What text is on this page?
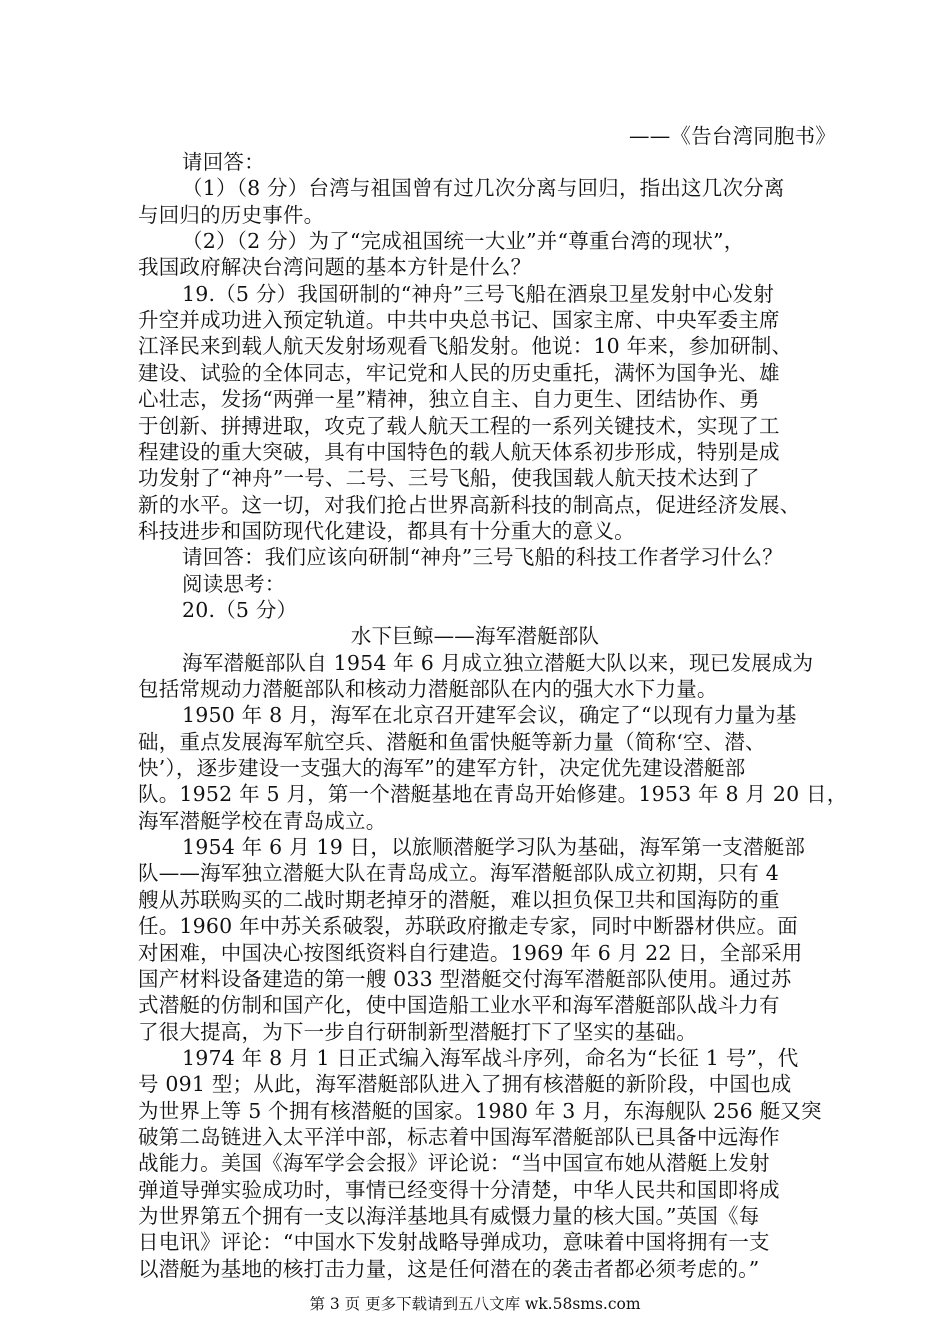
——《告台湾同胞书》
请回答：
（1）（8 分）台湾与祖国曾有过几次分离与回归，指出这几次分离
与回归的历史事件。
（2）（2 分）为了“完成祖国统一大业”并“尊重台湾的现状”，
我国政府解决台湾问题的基本方针是什么？
19.（5 分）我国研制的“神舟”三号飞船在酒泉卫星发射中心发射
升空并成功进入预定轨道。中共中央总书记、国家主席、中央军委主席
江泽民来到载人航天发射场观看飞船发射。他说：10 年来，参加研制、
建设、试验的全体同志，牢记党和人民的历史重托，满怀为国争光、雄
心壮志，发扬“两弹一星”精神，独立自主、自力更生、团结协作、勇
于创新、拼搏进取，攻克了载人航天工程的一系列关键技术，实现了工
程建设的重大突破，具有中国特色的载人航天体系初步形成，特别是成
功发射了“神舟”一号、二号、三号飞船，使我国载人航天技术达到了
新的水平。这一切，对我们抢占世界高新科技的制高点，促进经济发展、
科技进步和国防现代化建设，都具有十分重大的意义。
请回答：我们应该向研制“神舟”三号飞船的科技工作者学习什么？
阅读思考：
20.（5 分）
水下巨鲸——海军潜艇部队
海军潜艇部队自 1954 年 6 月成立独立潜艇大队以来，现已发展成为
包括常规动力潜艇部队和核动力潜艇部队在内的强大水下力量。
1950 年 8 月，海军在北京召开建军会议，确定了“以现有力量为基
础，重点发展海军航空兵、潜艇和鱼雷快艇等新力量（简称‘空、潜、
快’），逐步建设一支强大的海军”的建军方针，决定优先建设潜艇部
队。1952 年 5 月，第一个潜艇基地在青岛开始修建。1953 年 8 月 20 日，
海军潜艇学校在青岛成立。
1954 年 6 月 19 日，以旅顺潜艇学习队为基础，海军第一支潜艇部
队——海军独立潜艇大队在青岛成立。海军潜艇部队成立初期，只有 4
艘从苏联购买的二战时期老掉牙的潜艇，难以担负保卫共和国海防的重
任。1960 年中苏关系破裂，苏联政府撤走专家，同时中断器材供应。面
对困难，中国决心按图纸资料自行建造。1969 年 6 月 22 日，全部采用
国产材料设备建造的第一艘 033 型潜艇交付海军潜艇部队使用。通过苏
式潜艇的仿制和国产化，使中国造船工业水平和海军潜艇部队战斗力有
了很大提高，为下一步自行研制新型潜艇打下了坚实的基础。
1974 年 8 月 1 日正式编入海军战斗序列，命名为“长征 1 号”，代
号 091 型；从此，海军潜艇部队进入了拥有核潜艇的新阶段，中国也成
为世界上等 5 个拥有核潜艇的国家。1980 年 3 月，东海舰队 256 艇又突
破第二岛链进入太平洋中部，标志着中国海军潜艇部队已具备中远海作
战能力。美国《海军学会会报》评论说：“当中国宣布她从潜艇上发射
弹道导弹实验成功时，事情已经变得十分清楚，中华人民共和国即将成
为世界第五个拥有一支以海洋基地具有威慑力量的核大国。”英国《每
日电讯》评论：“中国水下发射战略导弹成功，意味着中国将拥有一支
以潜艇为基地的核打击力量，这是任何潜在的袭击者都必须考虑的。”
第 3 页 更多下载请到五八文库 wk.58sms.com
